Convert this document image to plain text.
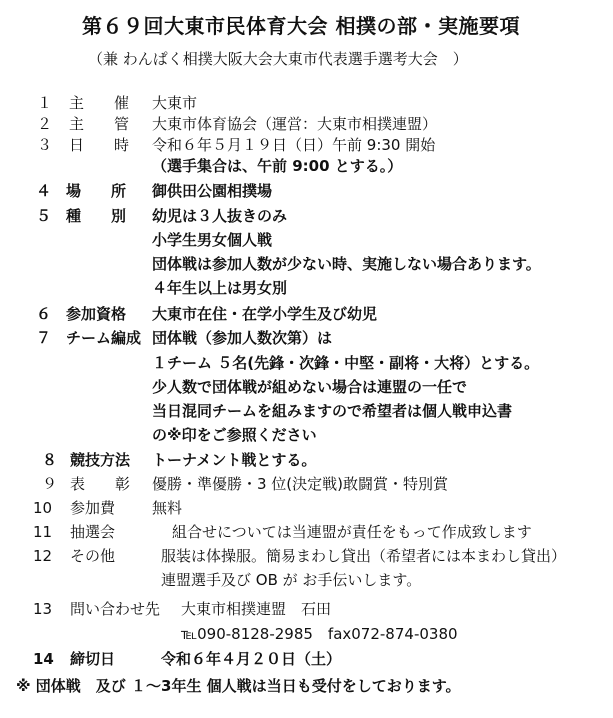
第６９回大東市民体育大会 相撲の部・実施要項
（兼 わんぱく相撲大阪大会大東市代表選手選考大会　）
１ 主　　催 大東市
２ 主　　管 大東市体育協会（運営：大東市相撲連盟）
３ 日　　時 令和６年５月１９日（日）午前 9:30 開始
（選手集合は、午前 9:00 とする。）
４ 場　　所 御供田公園相撲場
５ 種　　別 幼児は３人抜きのみ
小学生男女個人戦
団体戦は参加人数が少ない時、実施しない場合あります。
４年生以上は男女別
６ 参加資格 大東市在住・在学小学生及び幼児
７ チーム編成 団体戦（参加人数次第）は
１チーム ５名(先鋒・次鋒・中堅・副将・大将）とする。
少人数で団体戦が組めない場合は連盟の一任で
当日混同チームを組みますので希望者は個人戦申込書
の※印をご参照ください
８ 競技方法 トーナメント戦とする。
９ 表　　彰 優勝・準優勝・3 位(決定戦)敢闘賞・特別賞
10 参加費 無料
11 抽選会	組合せについては当連盟が責任をもって作成致します
12 その他	服装は体操服。簡易まわし貸出（希望者には本まわし貸出）
連盟選手及び OB が お手伝いします。
13 問い合わせ先 大東市相撲連盟　石田
℡090-8128-2985　fax072-874-0380
14 締切日	令和６年４月２０日（土）
※ 団体戦　及び １～3年生 個人戦は当日も受付をしております。
